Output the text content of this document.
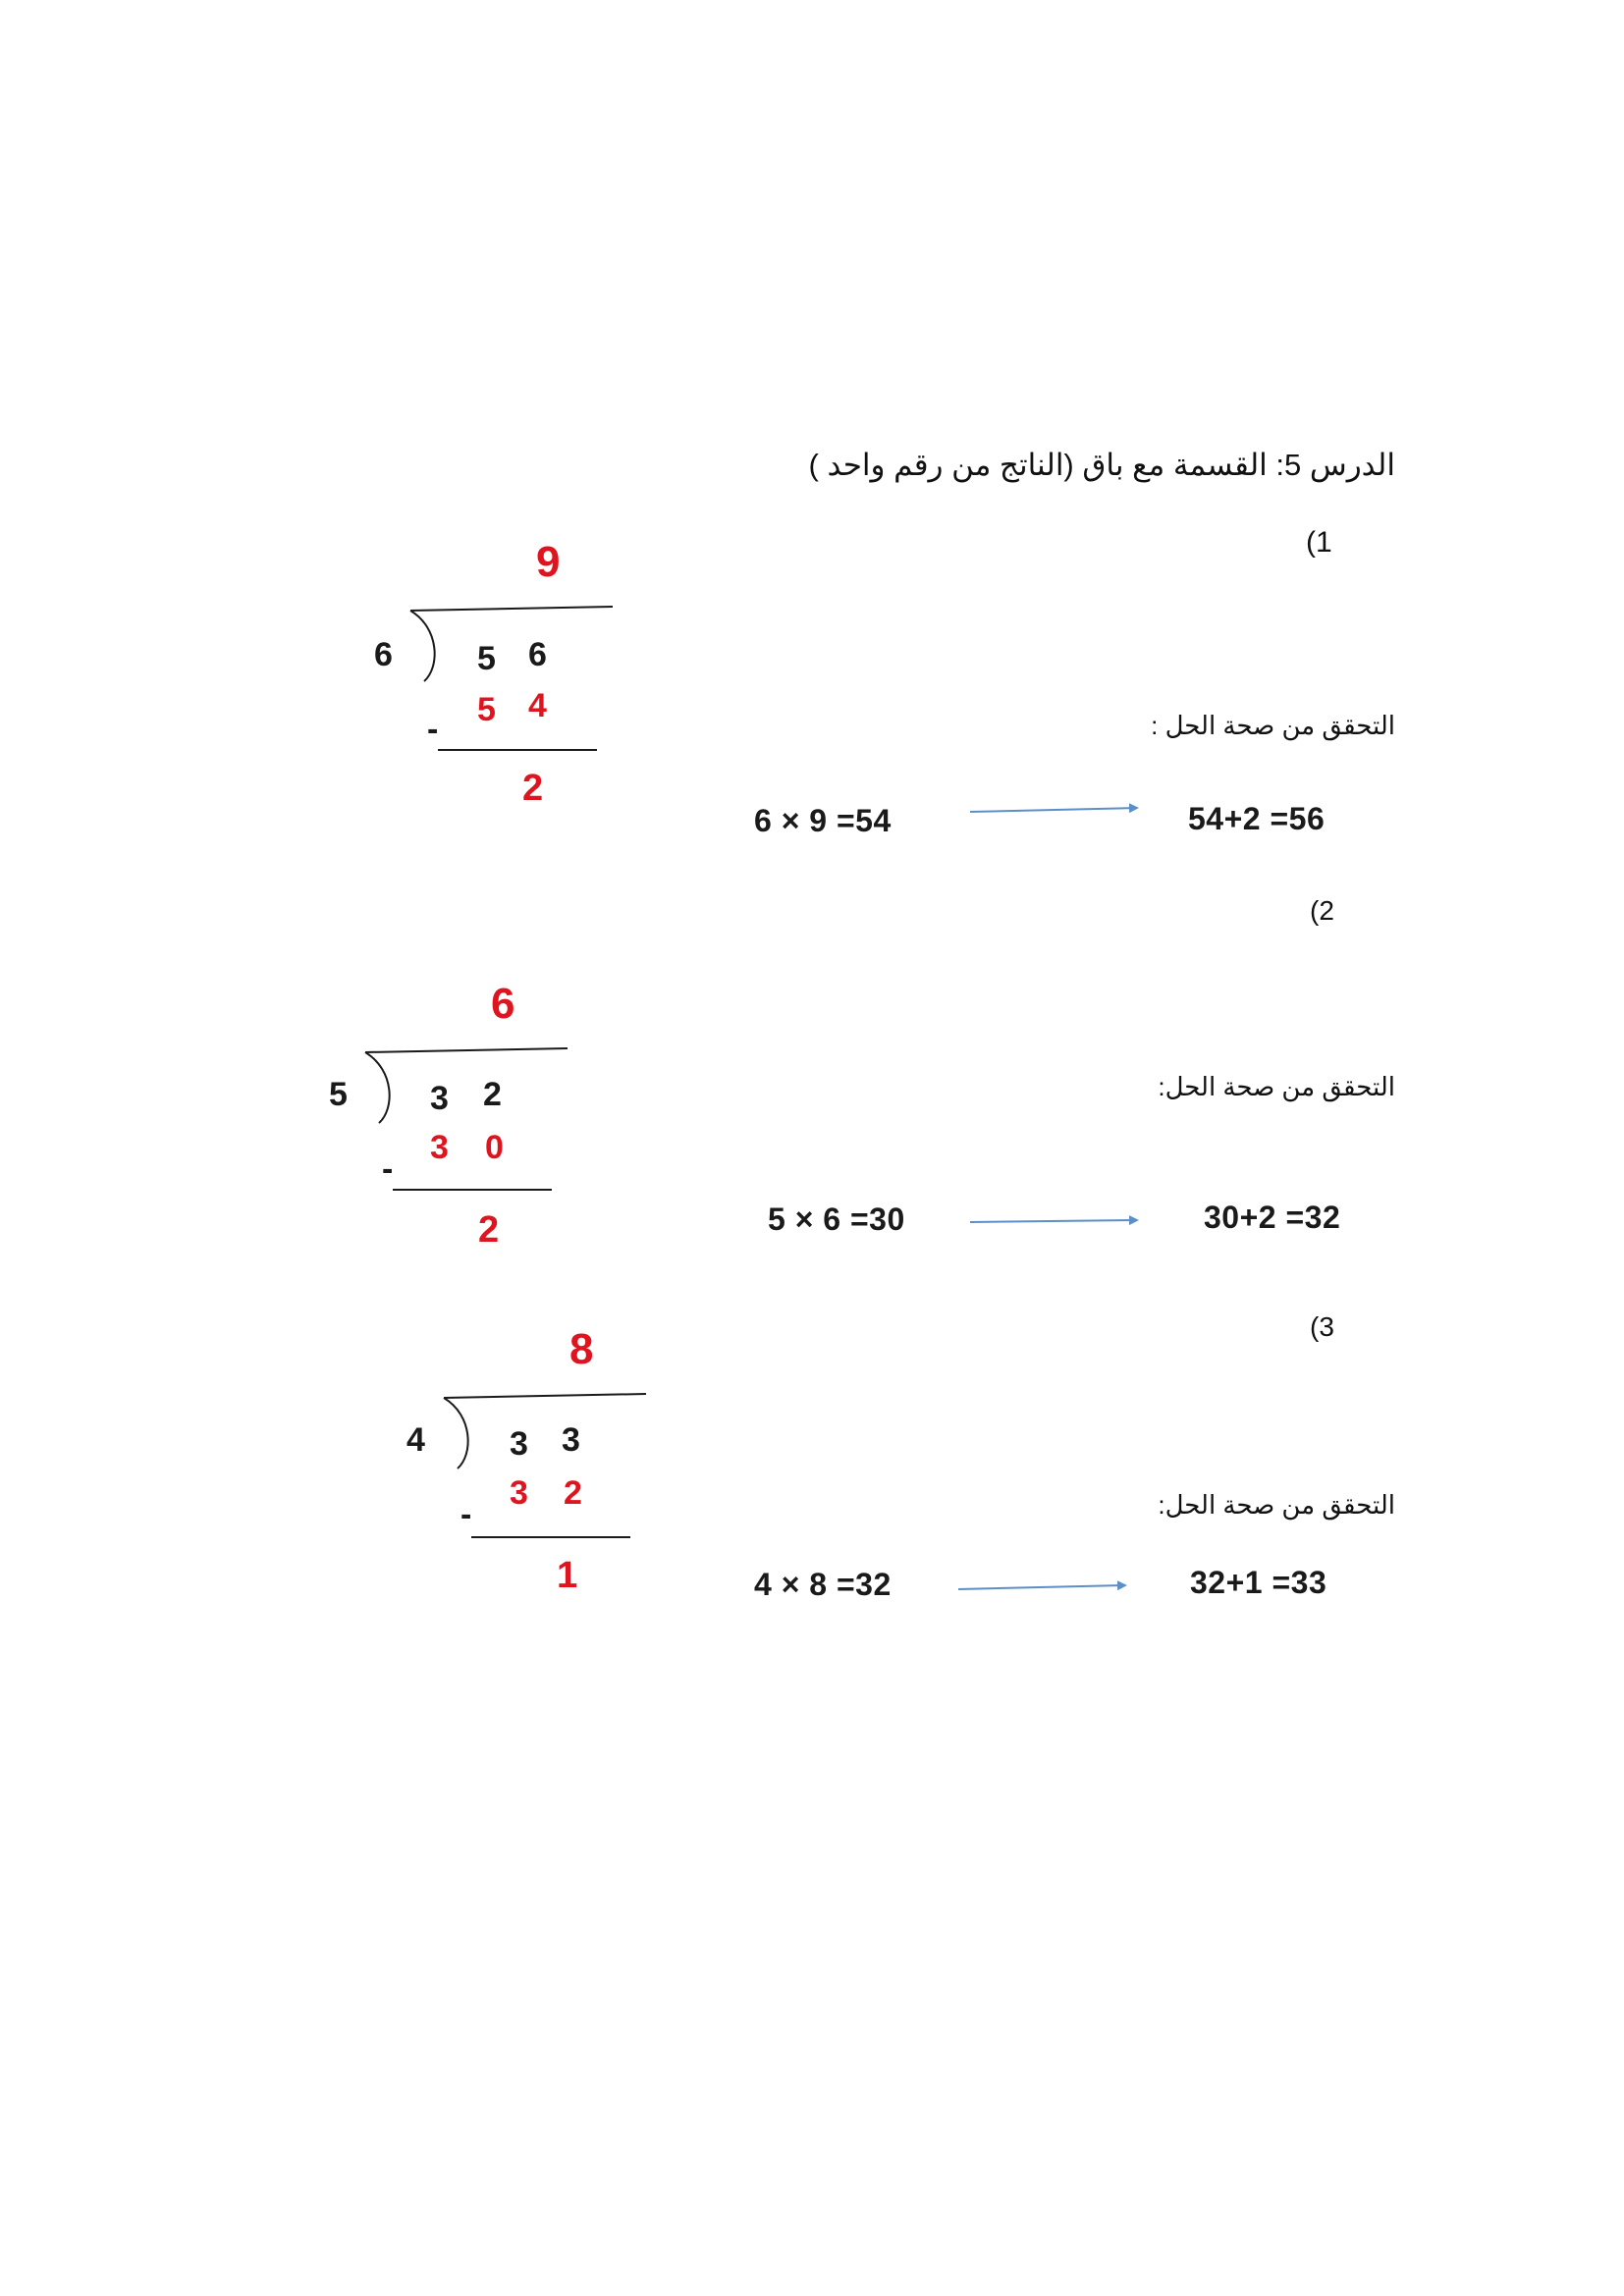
الدرس 5: القسمة مع باق (الناتج من رقم واحد )
1)
9
6	5 6
5 4
-
2
التحقق من صحة الحل :
6 × 9 =54	54+2 =56
2)
6
5 3 2
3 0
-
2
التحقق من صحة الحل:
5 × 6 =30	30+2 =32
3)
8
4	3 3
3 2
-
1
التحقق من صحة الحل:
4 × 8 =32	32+1 =33
